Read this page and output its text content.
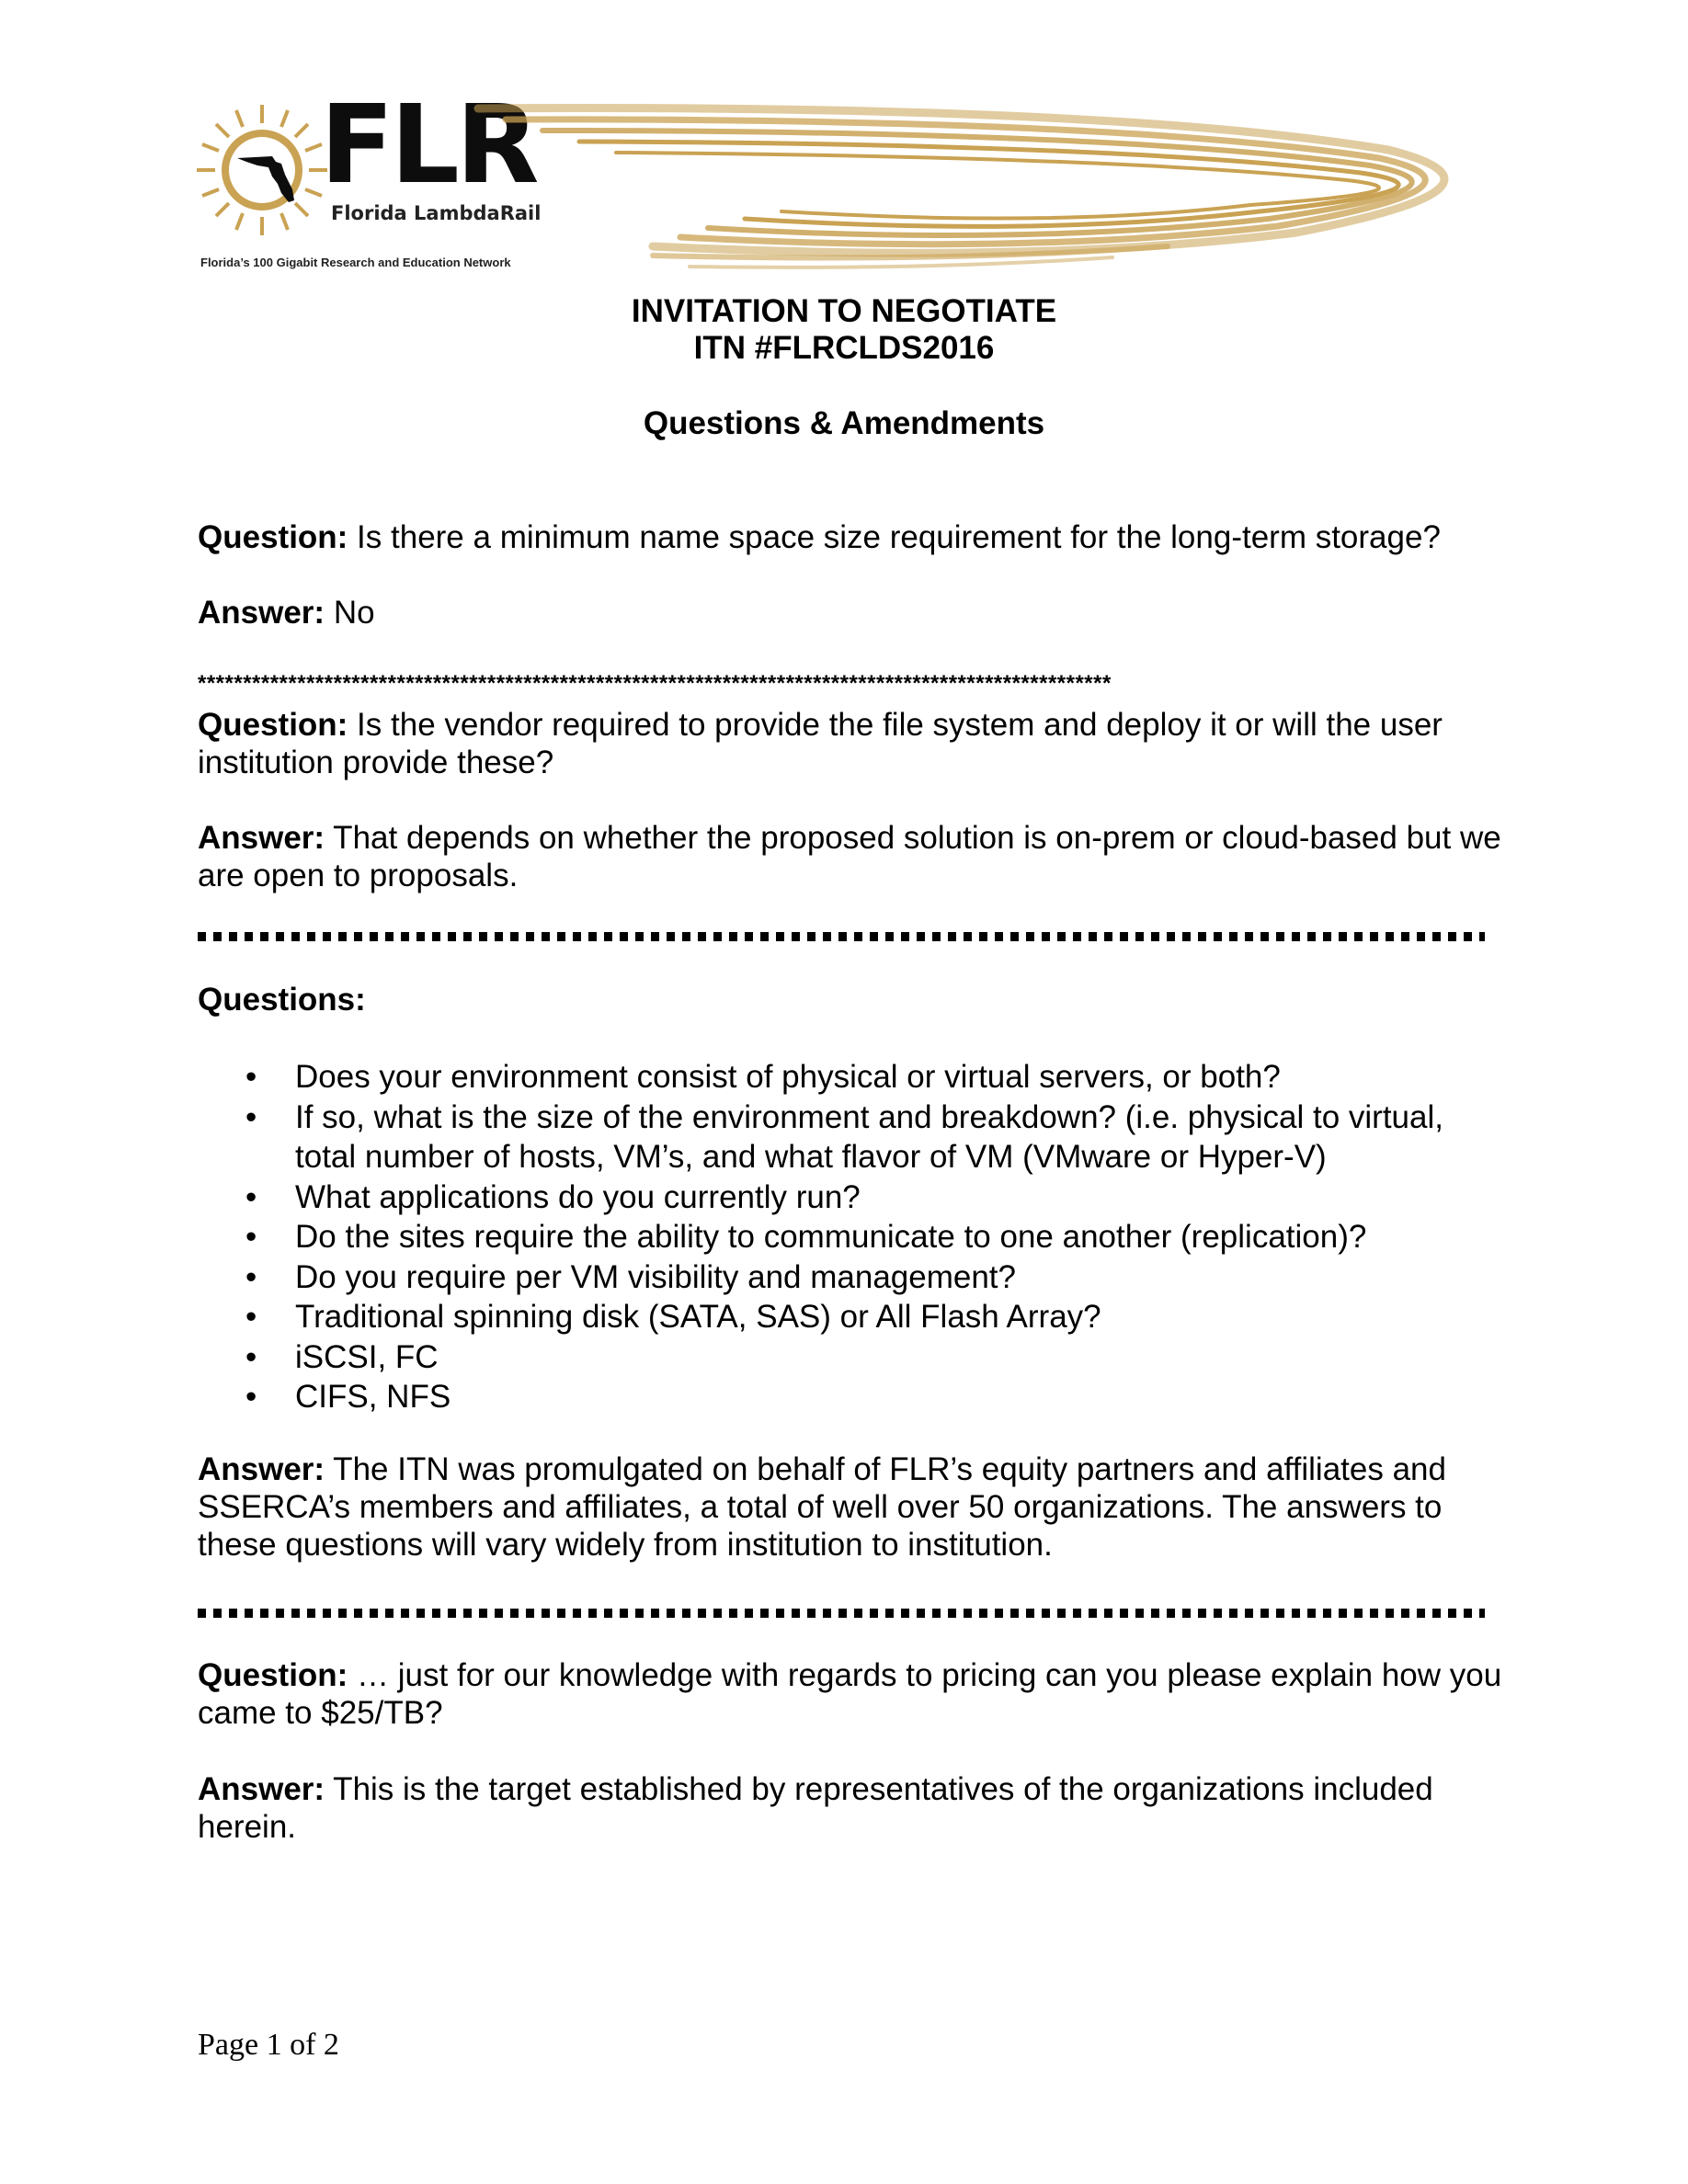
FLR
Florida LambdaRail
Florida’s 100 Gigabit Research and Education Network
INVITATION TO NEGOTIATE
ITN #FLRCLDS2016
Questions & Amendments
Question: Is there a minimum name space size requirement for the long-term storage?
Answer: No
*****************************************************************************************************
Question: Is the vendor required to provide the file system and deploy it or will the user institution provide these?
Answer: That depends on whether the proposed solution is on-prem or cloud-based but we are open to proposals.
Questions:
• Does your environment consist of physical or virtual servers, or both?
• If so, what is the size of the environment and breakdown? (i.e. physical to virtual, total number of hosts, VM’s, and what flavor of VM (VMware or Hyper-V)
• What applications do you currently run?
• Do the sites require the ability to communicate to one another (replication)?
• Do you require per VM visibility and management?
• Traditional spinning disk (SATA, SAS) or All Flash Array?
• iSCSI, FC
• CIFS, NFS
Answer: The ITN was promulgated on behalf of FLR’s equity partners and affiliates and SSERCA’s members and affiliates, a total of well over 50 organizations. The answers to these questions will vary widely from institution to institution.
Question: … just for our knowledge with regards to pricing can you please explain how you came to $25/TB?
Answer: This is the target established by representatives of the organizations included herein.
Page 1 of 2
